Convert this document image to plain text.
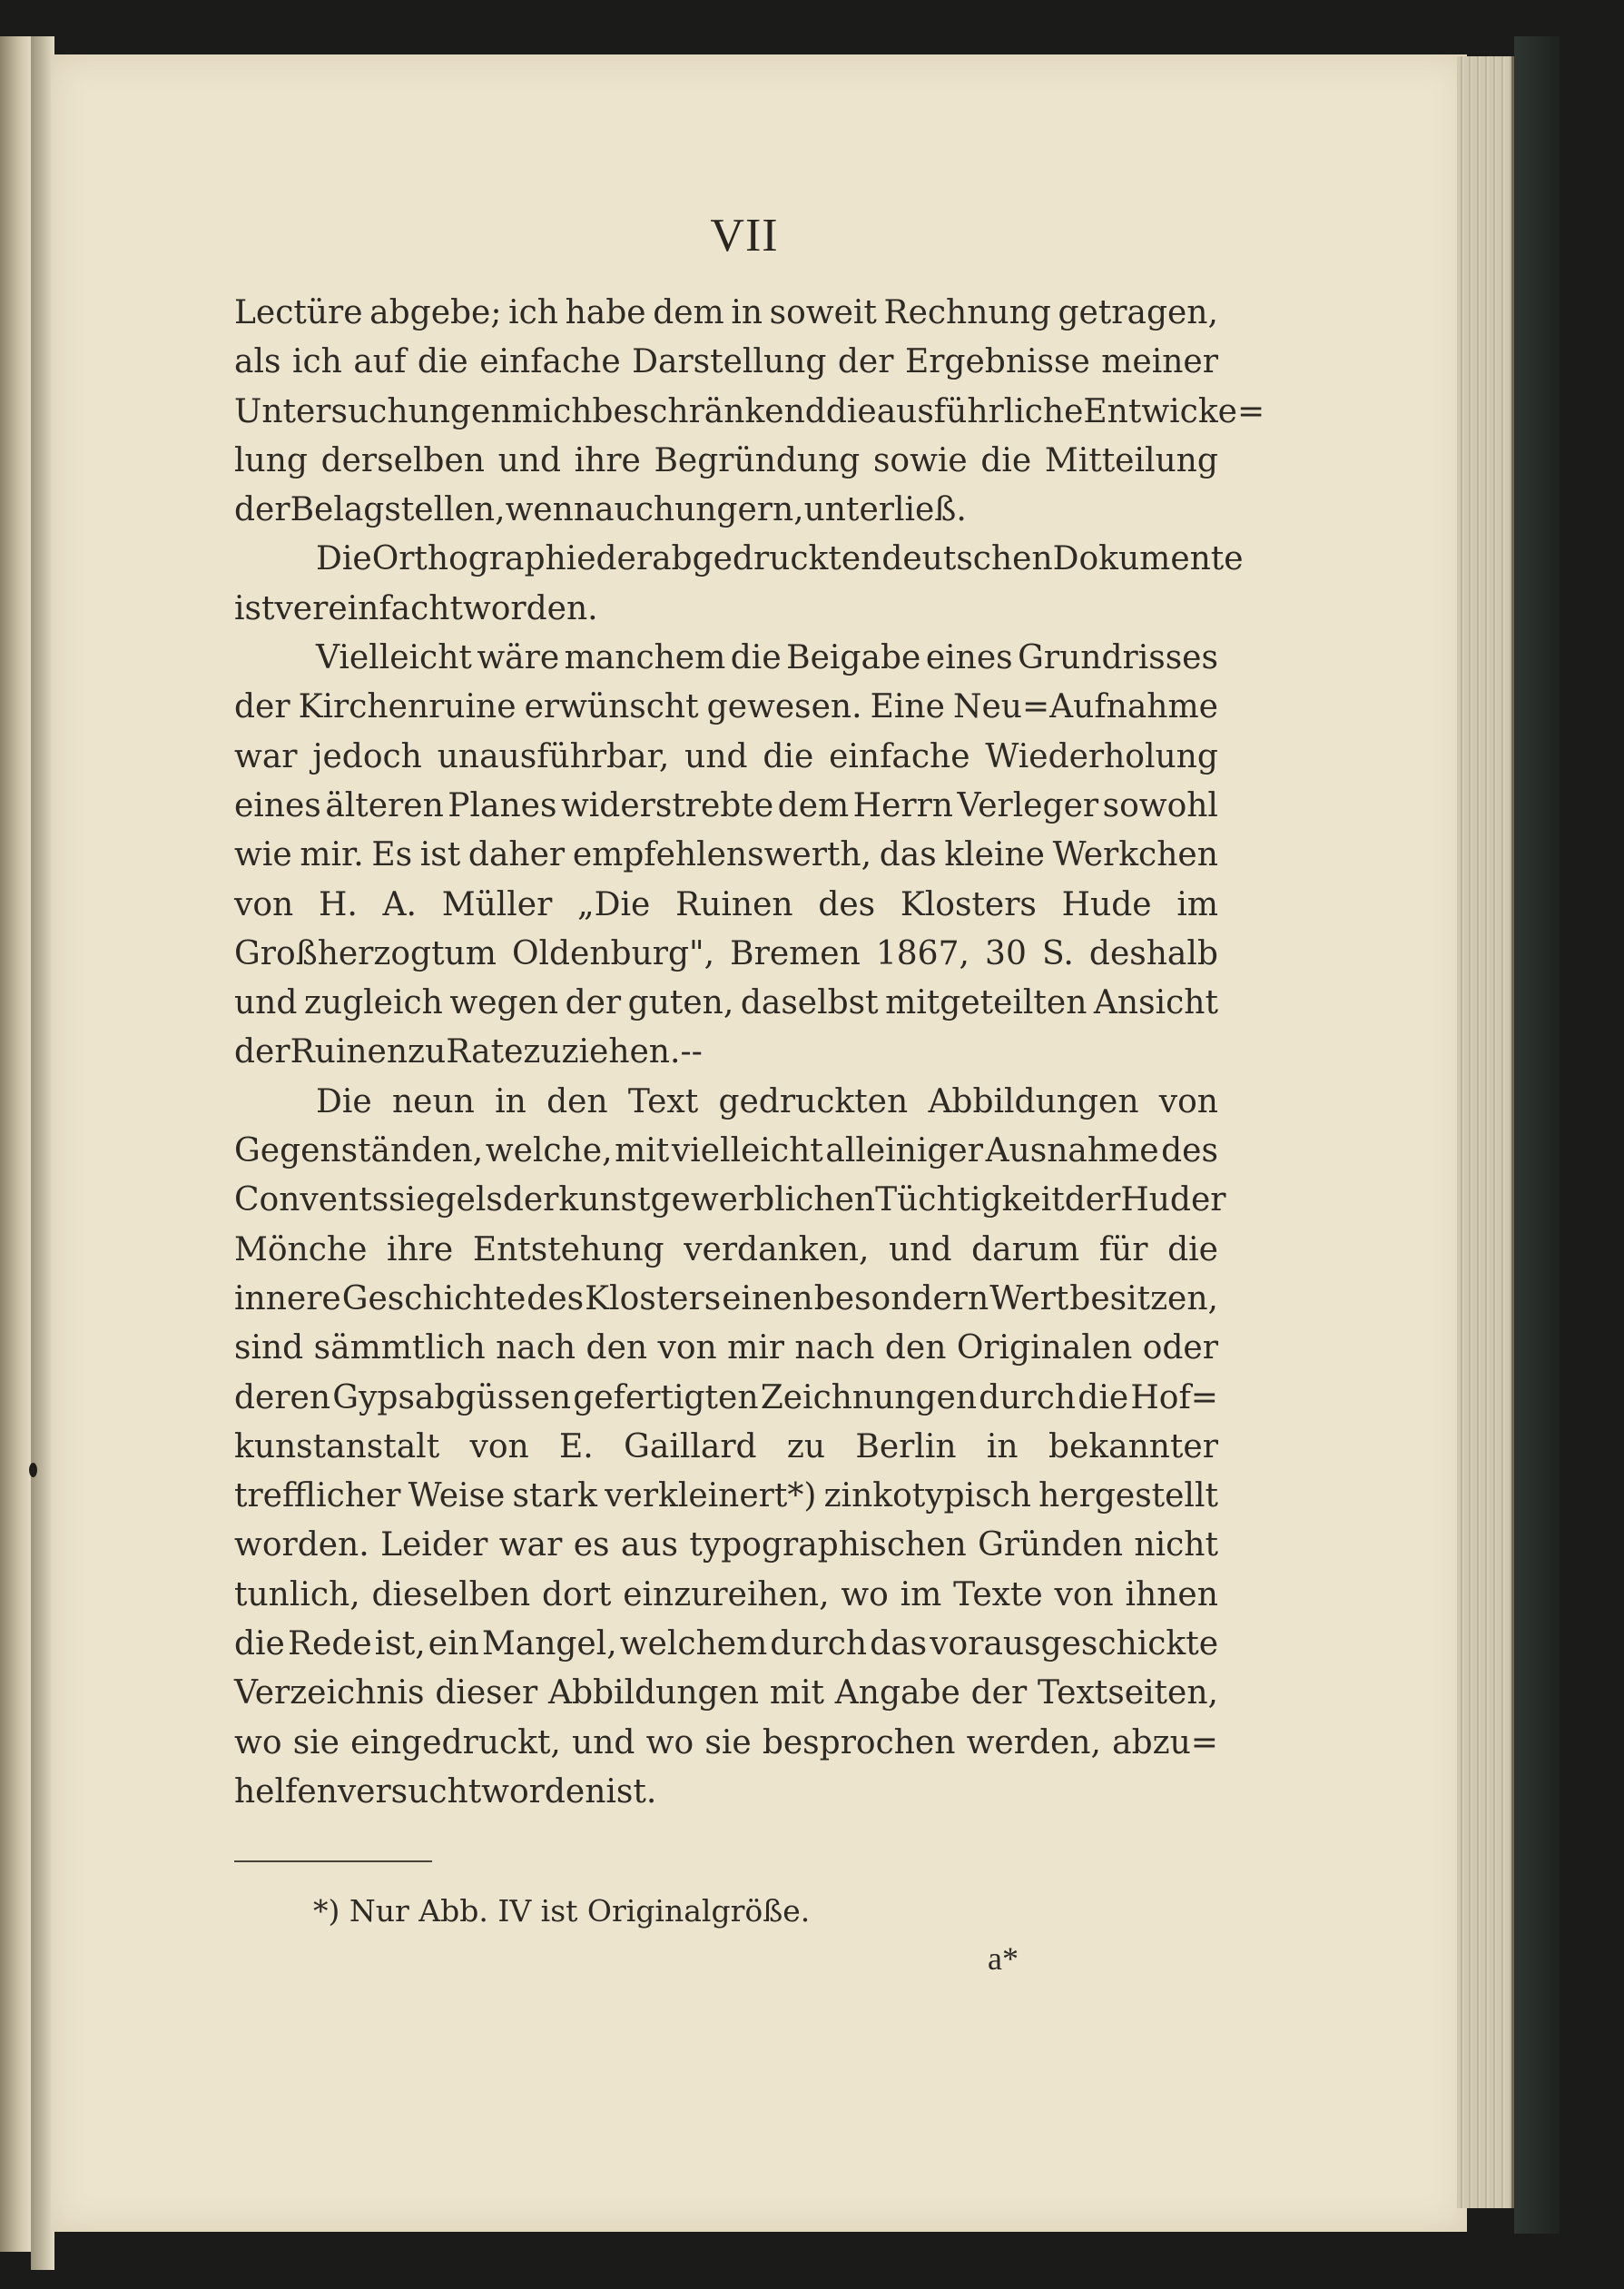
VII
Lectüre abgebe; ich habe dem in soweit Rechnung getragen,
als ich auf die einfache Darstellung der Ergebnisse meiner
Untersuchungen mich beschränkend die ausführliche Entwicke=
lung derselben und ihre Begründung sowie die Mitteilung
der Belagstellen, wenn auch ungern, unterließ.
Die Orthographie der abgedruckten deutschen Dokumente
ist vereinfacht worden.
Vielleicht wäre manchem die Beigabe eines Grundrisses
der Kirchenruine erwünscht gewesen. Eine Neu=Aufnahme
war jedoch unausführbar, und die einfache Wiederholung
eines älteren Planes widerstrebte dem Herrn Verleger sowohl
wie mir. Es ist daher empfehlenswerth, das kleine Werkchen
von H. A. Müller „Die Ruinen des Klosters Hude im
Großherzogtum Oldenburg", Bremen 1867, 30 S. deshalb
und zugleich wegen der guten, daselbst mitgeteilten Ansicht
der Ruinen zu Rate zu ziehen. --
Die neun in den Text gedruckten Abbildungen von
Gegenständen, welche, mit vielleicht alleiniger Ausnahme des
Conventssiegels der kunstgewerblichen Tüchtigkeit der Huder
Mönche ihre Entstehung verdanken, und darum für die
innere Geschichte des Klosters einen besondern Wert besitzen,
sind sämmtlich nach den von mir nach den Originalen oder
deren Gypsabgüssen gefertigten Zeichnungen durch die Hof=
kunstanstalt von E. Gaillard zu Berlin in bekannter
trefflicher Weise stark verkleinert*) zinkotypisch hergestellt
worden. Leider war es aus typographischen Gründen nicht
tunlich, dieselben dort einzureihen, wo im Texte von ihnen
die Rede ist, ein Mangel, welchem durch das vorausgeschickte
Verzeichnis dieser Abbildungen mit Angabe der Textseiten,
wo sie eingedruckt, und wo sie besprochen werden, abzu=
helfen versucht worden ist.
*) Nur Abb. IV ist Originalgröße.
a*
